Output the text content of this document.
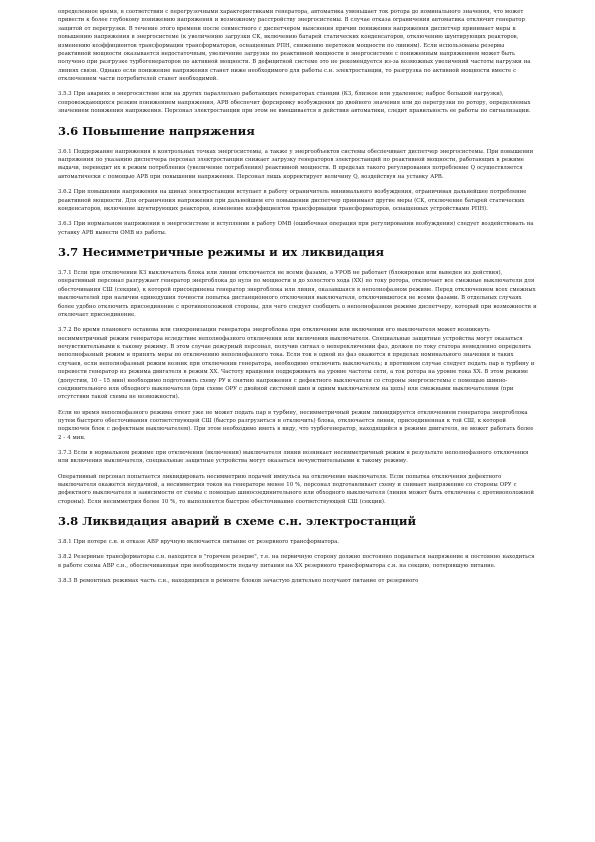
определенное время, в соответствии с перегрузочными характеристиками генератора, автоматика уменьшает ток ротора до номинального значения, что может привести к более глубокому понижению напряжения и возможному расстройству энергосистемы. В случае отказа ограничения автоматика отключит генератор защитой от перегрузки. В течение этого времени после совместного с диспетчером выяснения причин понижения напряжения диспетчер принимает меры к повышению напряжения в энергосистеме (к увеличению загрузки СК, включению батарей статических конденсаторов, отключению шунтирующих реакторов, изменению коэффициентов трансформации трансформаторов, оснащенных РПН, снижению перетоков мощности по линиям). Если использованы резервы реактивной мощности оказывается недостаточным, увеличение загрузки по реактивной мощности в энергосистеме с пониженным напряжением может быть получено при разгрузке турбогенераторов по активной мощности. В дефицитной системе это не рекомендуется из-за возможных увеличений частоты нагрузки на линиях связи. Однако если понижение напряжения станет ниже необходимого для работы с.н. электростанции, то разгрузка по активной мощности вместе с отключением части потребителей станет необходимой.

3.5.3 При авариях в энергосистеме или на других параллельно работающих генераторах станции (КЗ, близкое или удаленное; наброс большой нагрузки), сопровождающихся резким понижением напряжения, АРВ обеспечит форсировку возбуждения до двойного значения или до перегрузки по ротору, определяемых значением понижения напряжения. Персонал электростанции при этом не вмешивается в действия автоматики, следит правильность ее работы по сигнализации.

3.6 Повышение напряжения

3.6.1 Поддержание напряжения в контрольных точках энергосистемы, а также у энергообъектов системы обеспечивает диспетчер энергосистемы. При повышении напряжения по указанию диспетчера персонал электростанции снижает загрузку генераторов электростанций по реактивной мощности, работающих в режиме выдачи, переводит их в режим потребления (увеличение потребления) реактивной мощности. В пределах такого регулирования потребление Q осуществляется автоматически с помощью АРВ при повышении напряжения. Персонал лишь корректирует величину Q, воздействуя на уставку АРВ.

3.6.2 При повышении напряжения на шинах электростанции вступает в работу ограничитель минимального возбуждения, ограничивая дальнейшее потребление реактивной мощности. Для ограничения напряжения при дальнейшем его повышении диспетчер принимает другие меры (СК, отключение батарей статических конденсаторов, включение шунтирующих реакторов, изменение коэффициентов трансформации трансформаторов, оснащенных устройствами РПН).

3.6.3 При нормальном напряжении в энергосистеме и вступлении в работу ОМВ (ошибочная операция при регулировании возбуждения) следует воздействовать на уставку АРВ вывести ОМВ из работы.

3.7 Несимметричные режимы и их ликвидация

3.7.1 Если при отключении КЗ выключатель блока или линии отключается не всеми фазами, а УРОВ не работает (блокирован или выведен из действия), оперативный персонал разгружает генератор энергоблока до нуля по мощности и до холостого хода (ХХ) по току ротора, отключает все смежные выключатели для обесточивания СШ (секции), к которой присоединены генератор энергоблока или линия, оказавшаяся в неполнофазном режиме. Перед отключением всех смежных выключателей при наличии единодушия точности попытка дистанционного отключения выключателя, отключившегося не всеми фазами. В отдельных случаях более удобно отключить присоединение с противоположной стороны, для чего следует сообщить о неполнофазном режиме диспетчеру, который при возможности и отключает присоединение.

3.7.2 Во время планового останова или синхронизации генератора энергоблока при отключении или включении его выключателя может возникнуть несимметричный режим генератора вследствие неполнофазного отключения или включения выключателя. Специальные защитные устройства могут оказаться нечувствительными к такому режиму. В этом случае дежурный персонал, получив сигнал о непереключении фаз, должен по току статора немедленно определить неполнофазный режим и принять меры по отключению неполнофазного тока. Если ток в одной из фаз окажется в пределах номинального значения и таких случаев, если неполнофазный режим возник при отключении генератора, необходимо отключить выключатель; в противном случае следует подать пар в турбину и перевести генератор из режима двигателя в режим ХХ. Частоту вращения поддерживать на уровне частоты сети, а ток ротора на уровне тока ХХ. В этом режиме (допустим, 10 - 15 мин) необходимо подготовить схему РУ к снятию напряжения с дефектного выключателя со стороны энергосистемы с помощью шинно-соединительного или обходного выключателя (при схеме ОРУ с двойной системой шин и одним выключателем на цепь) или смежными выключателями (при отсутствии такой схемы не возможности).

Если во время неполнофазного режима отнят уже не может подать пар в турбину, несимметричный режим ликвидируется отключением генератора энергоблока путем быстрого обесточивания соответствующей СШ (быстро разгрузиться и отключить) блока, отключается линия, присоединенная к той СШ, к которой подключен блок с дефектным выключателем). При этом необходимо иметь в виду, что турбогенератор, находящийся в режиме двигателя, не может работать более 2 - 4 мин.

3.7.3 Если в нормальном режиме при отключении (включении) выключателя линии возникает несимметричный режим в результате неполнофазного отключения или включения выключателя, специальные защитные устройства могут оказаться нечувствительными к такому режиму.

Оперативный персонал попытается ликвидировать несимметрию подачей импульса на отключение выключателя. Если попытка отключения дефектного выключателя окажется неудачной, а несимметрия токов на генераторе менее 10 %, персонал подготавливает схему и снимает напряжение со стороны ОРУ с дефектного выключателя в зависимости от схемы с помощью шиносоединительного или обходного выключателя (линия может быть отключена с противоположной стороны). Если несимметрия более 10 %, то выполняется быстрое обесточивание соответствующей СШ (секции).

3.8 Ликвидация аварий в схеме с.н. электростанций

3.8.1 При потере с.н. и отказе АВР вручную включается питание от резервного трансформатора.

3.8.2 Резервные трансформаторы с.н. находятся в "горячем резерве", т.е. на первичную сторону должно постоянно подаваться напряжение и постоянно находиться в работе схема АВР с.н., обеспечивающая при необходимости подачу питания на ХХ резервного трансформатора с.н. на секцию, потерявшую питание.

3.8.3 В ремонтных режимах часть с.н., находящихся в ремонте блоков зачастую длительно получают питание от резервного
